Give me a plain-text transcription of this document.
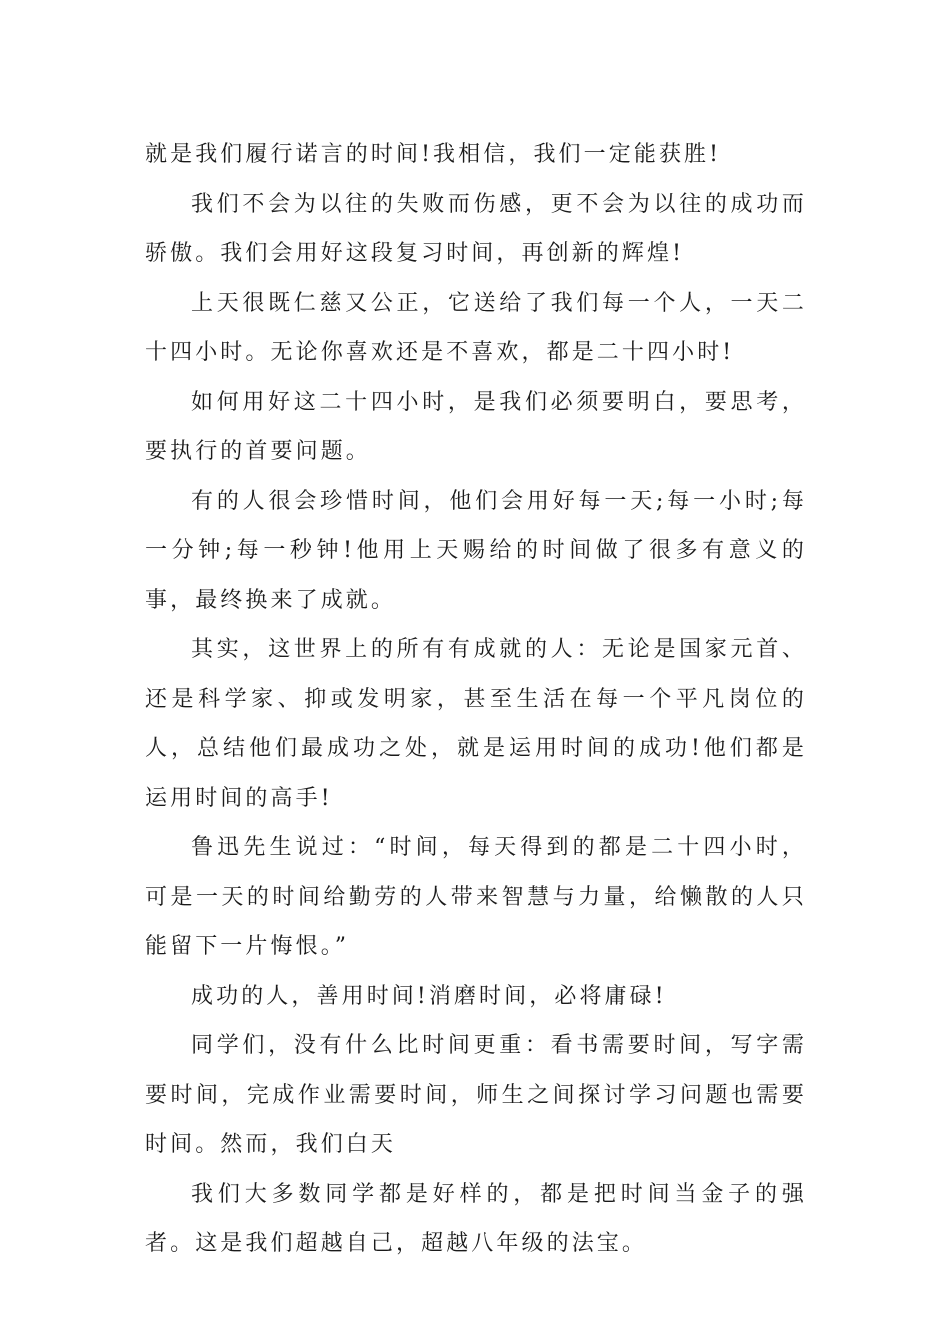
就是我们履行诺言的时间!我相信，我们一定能获胜!

我们不会为以往的失败而伤感，更不会为以往的成功而骄傲。我们会用好这段复习时间，再创新的辉煌!

上天很既仁慈又公正，它送给了我们每一个人，一天二十四小时。无论你喜欢还是不喜欢，都是二十四小时!

如何用好这二十四小时，是我们必须要明白，要思考，要执行的首要问题。

有的人很会珍惜时间，他们会用好每一天;每一小时;每一分钟;每一秒钟!他用上天赐给的时间做了很多有意义的事，最终换来了成就。

其实，这世界上的所有有成就的人：无论是国家元首、还是科学家、抑或发明家，甚至生活在每一个平凡岗位的人，总结他们最成功之处，就是运用时间的成功!他们都是运用时间的高手!

鲁迅先生说过：“时间，每天得到的都是二十四小时，可是一天的时间给勤劳的人带来智慧与力量，给懒散的人只能留下一片悔恨。”

成功的人，善用时间!消磨时间，必将庸碌!

同学们，没有什么比时间更重：看书需要时间，写字需要时间，完成作业需要时间，师生之间探讨学习问题也需要时间。然而，我们白天

我们大多数同学都是好样的，都是把时间当金子的强者。这是我们超越自己，超越八年级的法宝。
